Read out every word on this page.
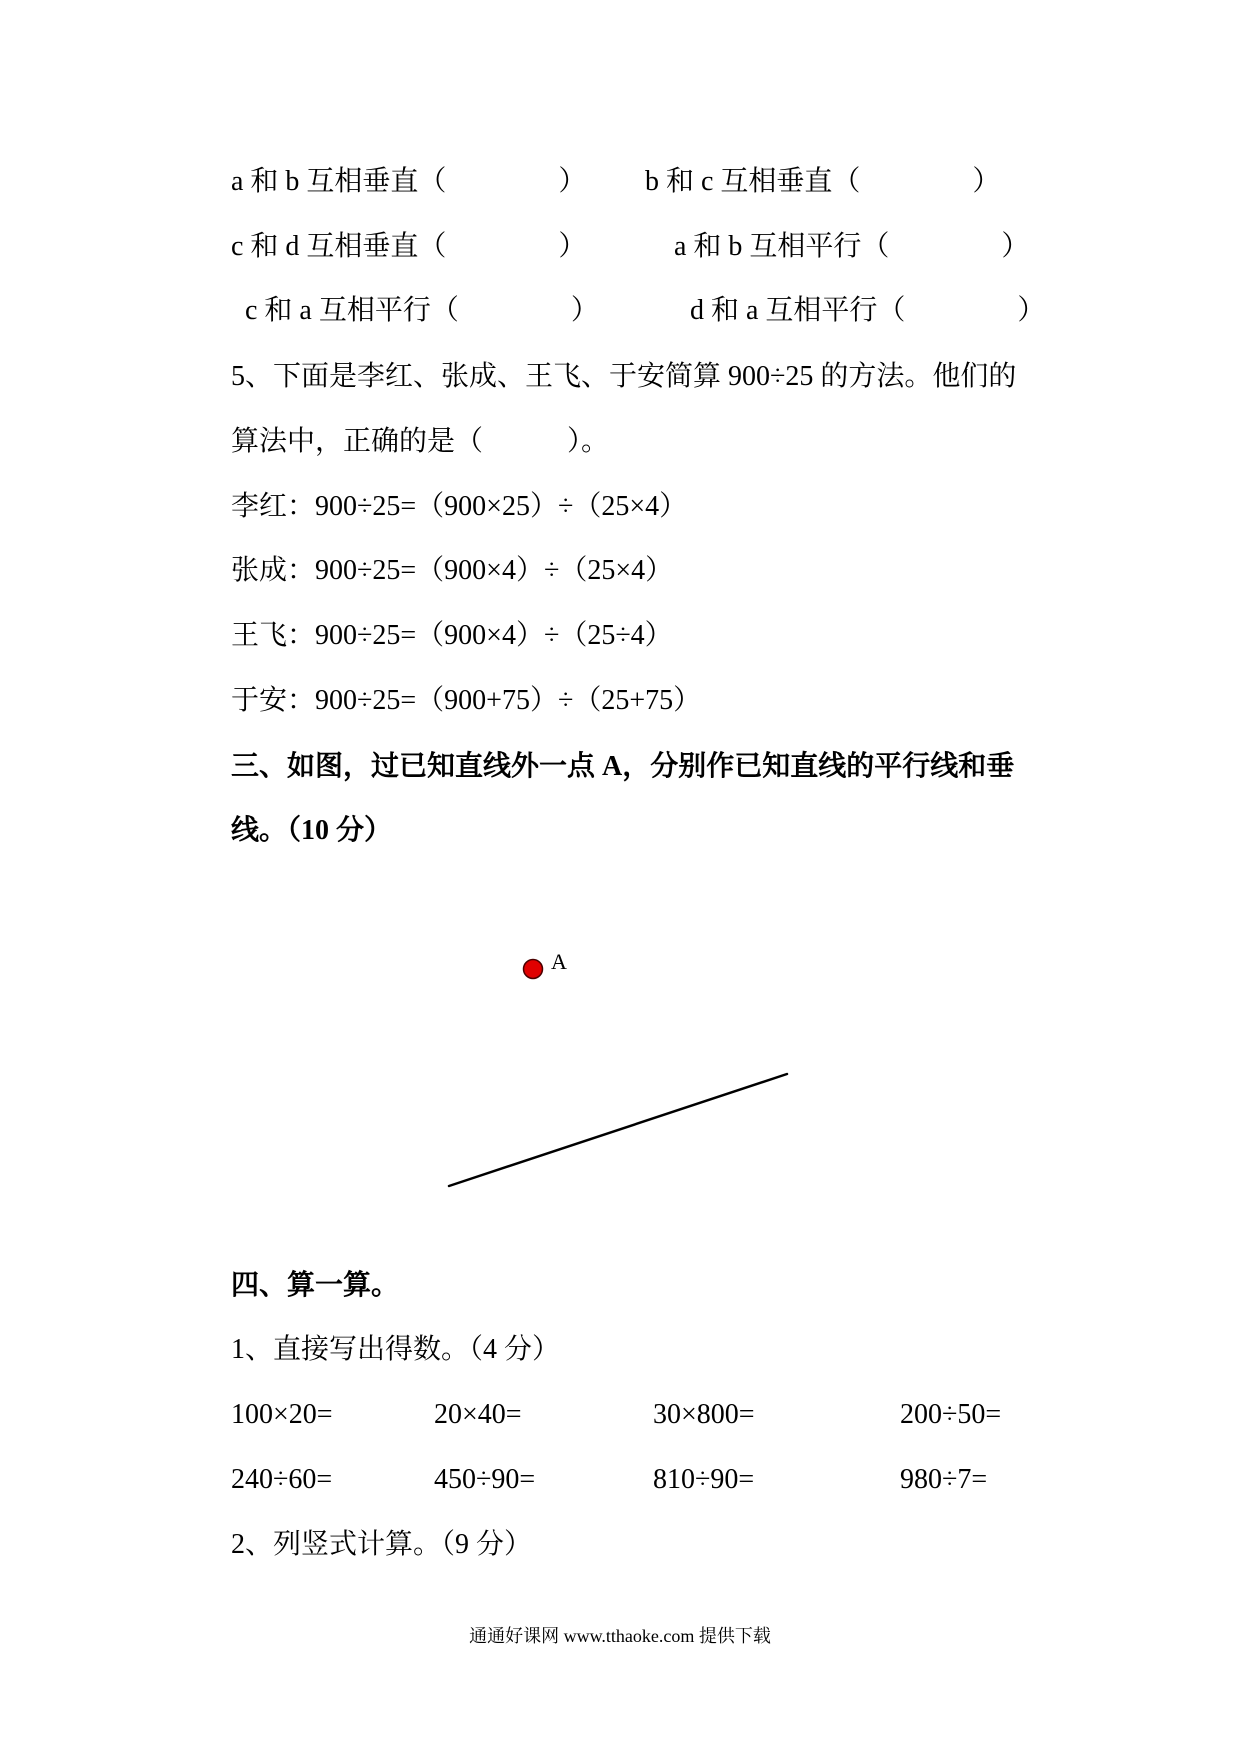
a 和 b 互相垂直（　　　　） b 和 c 互相垂直（　　　　）
c 和 d 互相垂直（　　　　）	a 和 b 互相平行（　　　　）
c 和 a 互相平行（　　　　）	d 和 a 互相平行（　　　　）
5、下面是李红、张成、王飞、于安简算 900÷25 的方法。他们的
算法中，正确的是（　　　）。
李红：900÷25=（900×25）÷（25×4）
张成：900÷25=（900×4）÷（25×4）
王飞：900÷25=（900×4）÷（25÷4）
于安：900÷25=（900+75）÷（25+75）
三、如图，过已知直线外一点 A，分别作已知直线的平行线和垂
线。（10 分）
A
四、算一算。
1、直接写出得数。（4 分）
100×20=	20×40=	30×800=	200÷50=
240÷60=	450÷90=	810÷90=	980÷7=
2、列竖式计算。（9 分）
通通好课网 www.tthaoke.com 提供下载
